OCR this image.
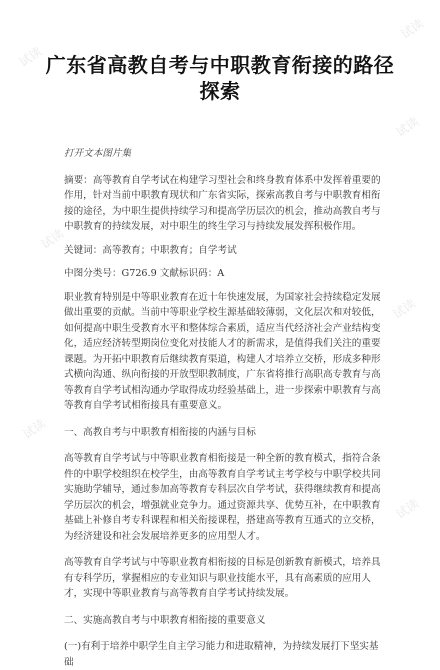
试读
试读
试读
试读
试读
试读
试读
广东省高教自考与中职教育衔接的路径探索

打开文本图片集

摘要：高等教育自学考试在构建学习型社会和终身教育体系中发挥着重要的作用，针对当前中职教育现状和广东省实际，探索高教自考与中职教育相衔接的途径，为中职生提供持续学习和提高学历层次的机会，推动高教自考与中职教育的持续发展，对中职生的终生学习与持续发展发挥积极作用。

关键词：高等教育；中职教育；自学考试

中图分类号：G726.9 文献标识码：A

职业教育特别是中等职业教育在近十年快速发展，为国家社会持续稳定发展做出重要的贡献。当前中等职业学校生源基础较薄弱，文化层次和对较低，如何提高中职生受教育水平和整体综合素质，适应当代经济社会产业结构变化，适应经济转型期岗位变化对技能人才的新需求，是值得我们关注的重要课题。为开拓中职教育后继续教育渠道，构建人才培养立交桥，形成多种形式横向沟通、纵向衔接的开放型职教制度，广东省将推行高职高专教育与高等教育自学考试相沟通办学取得成功经验基础上，进一步探索中职教育与高等教育自学考试相衔接具有重要意义。

一、高教自考与中职教育相衔接的内涵与目标

高等教育自学考试与中等职业教育相衔接是一种全新的教育模式，指符合条件的中职学校组织在校学生，由高等教育自学考试主考学校与中职学校共同实施助学辅导，通过参加高等教育专科层次自学考试，获得继续教育和提高学历层次的机会，增强就业竞争力。通过资源共享、优势互补，在中职教育基础上补修自考专科课程和相关衔接课程，搭建高等教育互通式的立交桥，为经济建设和社会发展培养更多的应用型人才。

高等教育自学考试与中等职业教育相衔接的目标是创新教育新模式，培养具有专科学历，掌握相应的专业知识与职业技能水平，具有高素质的应用人才，实现中等职业教育与高等教育自学考试持续发展。

二、实施高教自考与中职教育相衔接的重要意义

(一)有利于培养中职学生自主学习能力和进取精神，为持续发展打下坚实基础
